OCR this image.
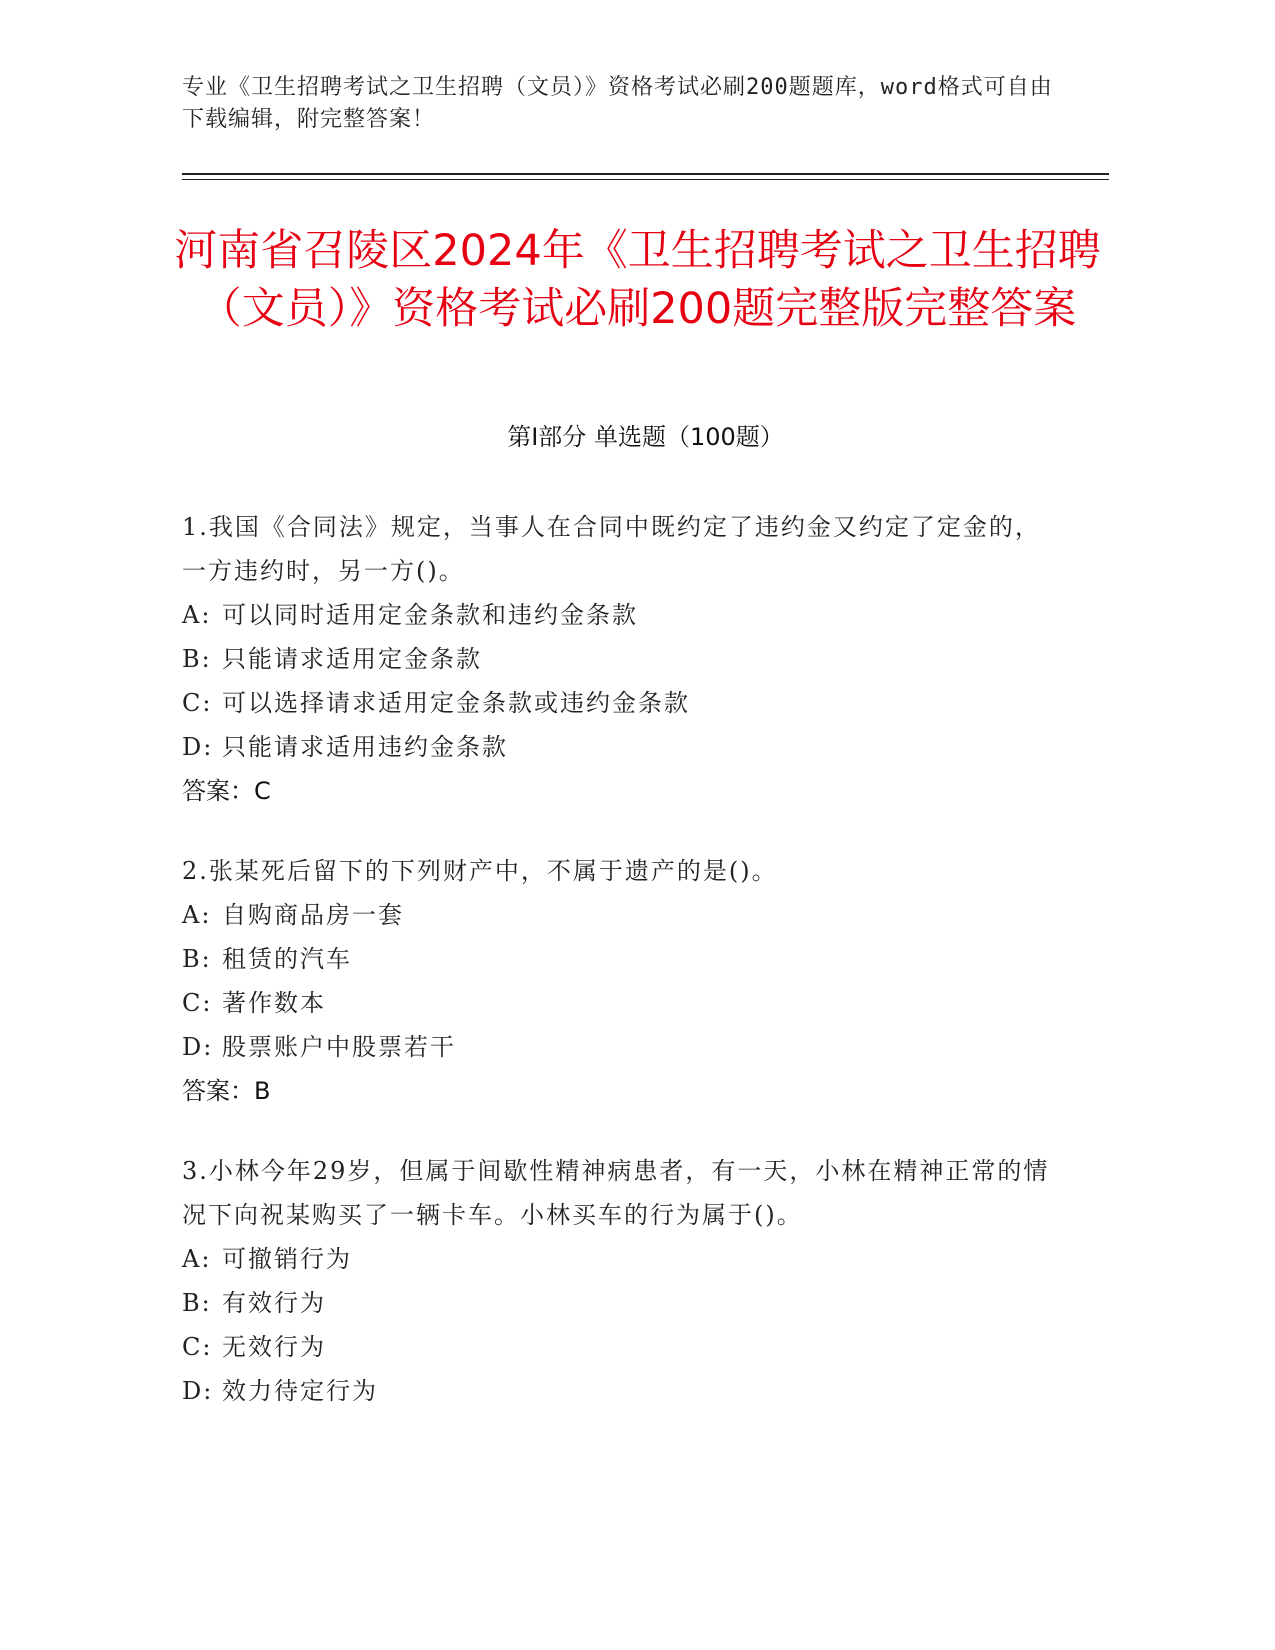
专业《卫生招聘考试之卫生招聘（文员）》资格考试必刷200题题库，word格式可自由下载编辑，附完整答案！
河南省召陵区2024年《卫生招聘考试之卫生招聘（文员）》资格考试必刷200题完整版完整答案
第Ⅰ部分 单选题（100题）
1.我国《合同法》规定，当事人在合同中既约定了违约金又约定了定金的，一方违约时，另一方()。
A: 可以同时适用定金条款和违约金条款
B: 只能请求适用定金条款
C: 可以选择请求适用定金条款或违约金条款
D: 只能请求适用违约金条款
答案：C
2.张某死后留下的下列财产中，不属于遗产的是()。
A: 自购商品房一套
B: 租赁的汽车
C: 著作数本
D: 股票账户中股票若干
答案：B
3.小林今年29岁，但属于间歇性精神病患者，有一天，小林在精神正常的情况下向祝某购买了一辆卡车。小林买车的行为属于()。
A: 可撤销行为
B: 有效行为
C: 无效行为
D: 效力待定行为
